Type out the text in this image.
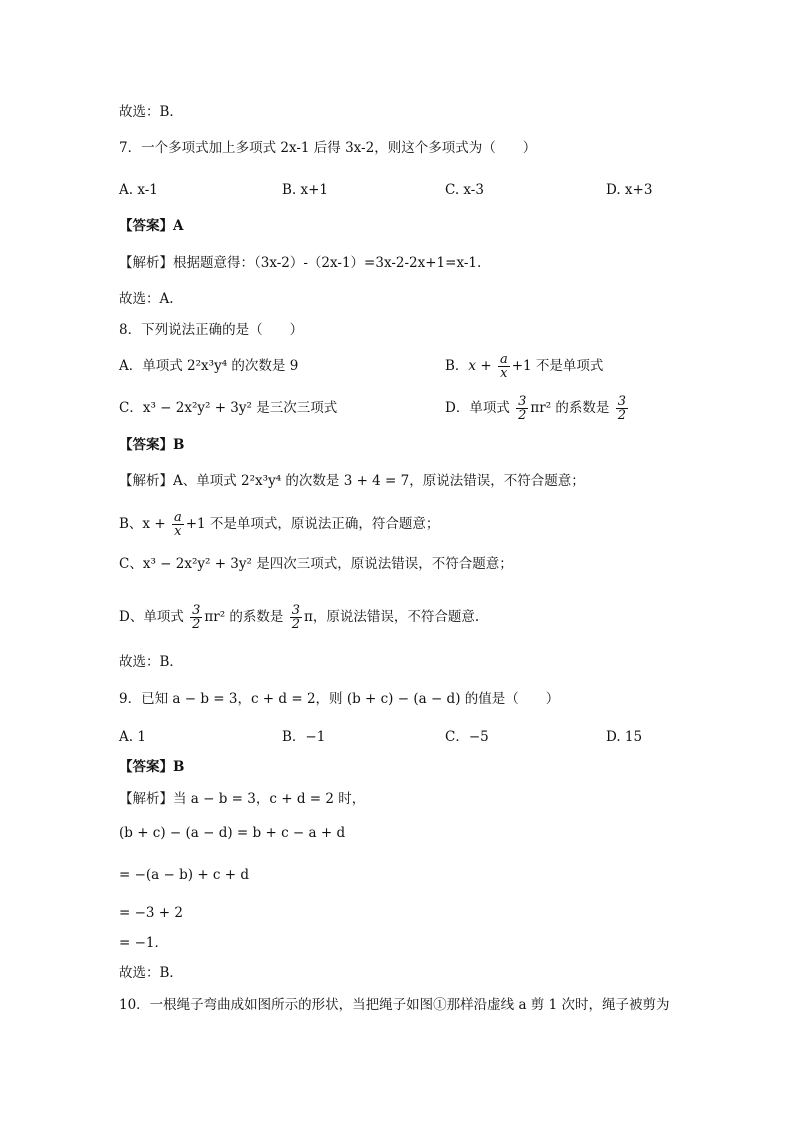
故选：B．
7．一个多项式加上多项式 2x-1 后得 3x-2，则这个多项式为（　　）
A. x-1	B. x+1	C. x-3	D. x+3
【答案】A
【解析】根据题意得：（3x-2）-（2x-1）=3x-2-2x+1=x-1.
故选：A.
8．下列说法正确的是（　　）
A．单项式 2²x³y⁴ 的次数是 9	B．$x + \frac{a}{x} +1$ 不是单项式
C．x³ − 2x²y² + 3y² 是三次三项式	D．单项式 $\frac{3}{2} \pi r^2$ 的系数是 $\frac{3}{2}$
【答案】B
【解析】A、单项式 2²x³y⁴ 的次数是 3 + 4 = 7，原说法错误，不符合题意；
B、$x + \frac{a}{x} +1$ 不是单项式，原说法正确，符合题意；
C、x³ − 2x²y² + 3y² 是四次三项式，原说法错误，不符合题意；
D、单项式 $\frac{3}{2} \pi r^2$ 的系数是 $\frac{3}{2}$ π，原说法错误，不符合题意.
故选：B．
9．已知 a − b = 3，c + d = 2，则 (b + c) − (a − d) 的值是（　　）
A. 1	B．−1	C．−5	D. 15
【答案】B
【解析】当 a − b = 3，c + d = 2 时，
(b + c) − (a − d) = b + c − a + d
= −(a − b) + c + d
= −3 + 2
= −1．
故选：B．
10．一根绳子弯曲成如图所示的形状，当把绳子如图①那样沿虚线 a 剪 1 次时，绳子被剪为
